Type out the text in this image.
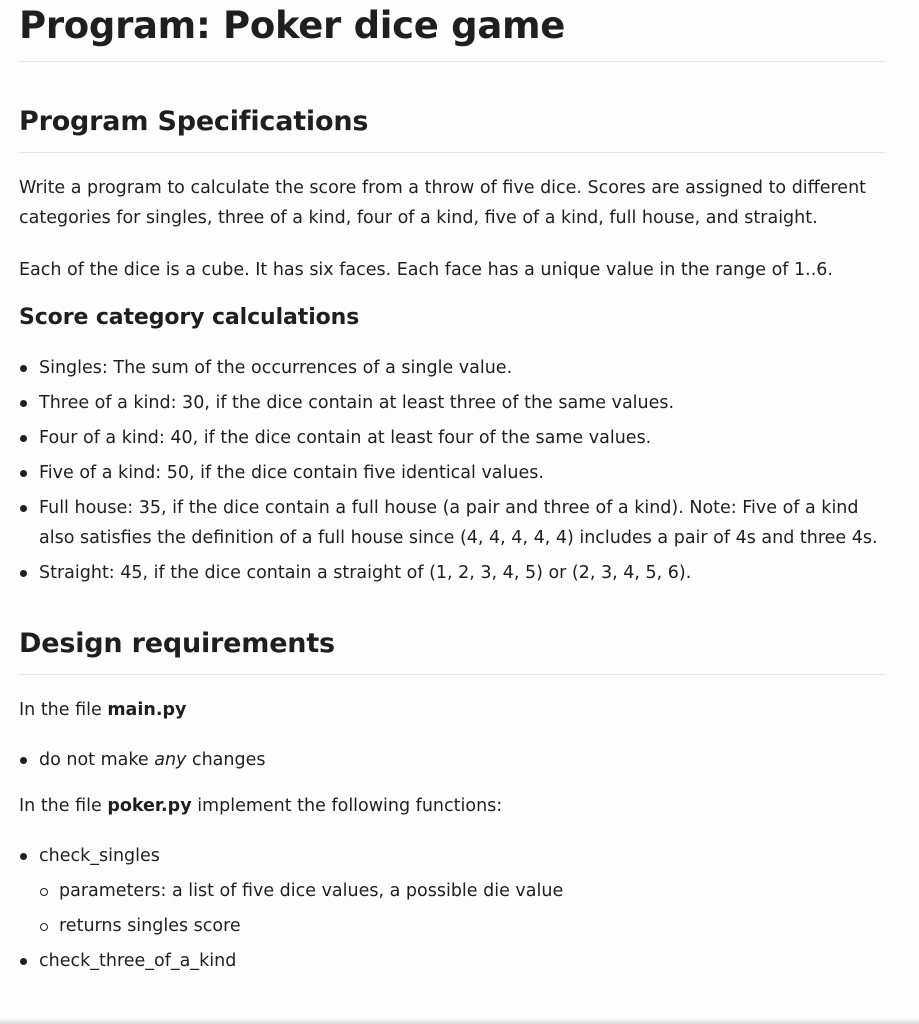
Program: Poker dice game
Program Specifications

Write a program to calculate the score from a throw of five dice. Scores are assigned to different categories for singles, three of a kind, four of a kind, five of a kind, full house, and straight.

Each of the dice is a cube. It has six faces. Each face has a unique value in the range of 1..6.

Score category calculations
Singles: The sum of the occurrences of a single value.
Three of a kind: 30, if the dice contain at least three of the same values.
Four of a kind: 40, if the dice contain at least four of the same values.
Five of a kind: 50, if the dice contain five identical values.
Full house: 35, if the dice contain a full house (a pair and three of a kind). Note: Five of a kind also satisfies the definition of a full house since (4, 4, 4, 4, 4) includes a pair of 4s and three 4s.
Straight: 45, if the dice contain a straight of (1, 2, 3, 4, 5) or (2, 3, 4, 5, 6).
Design requirements

In the file main.py

do not make any changes

In the file poker.py implement the following functions:

check_singles
parameters: a list of five dice values, a possible die value
returns singles score
check_three_of_a_kind
